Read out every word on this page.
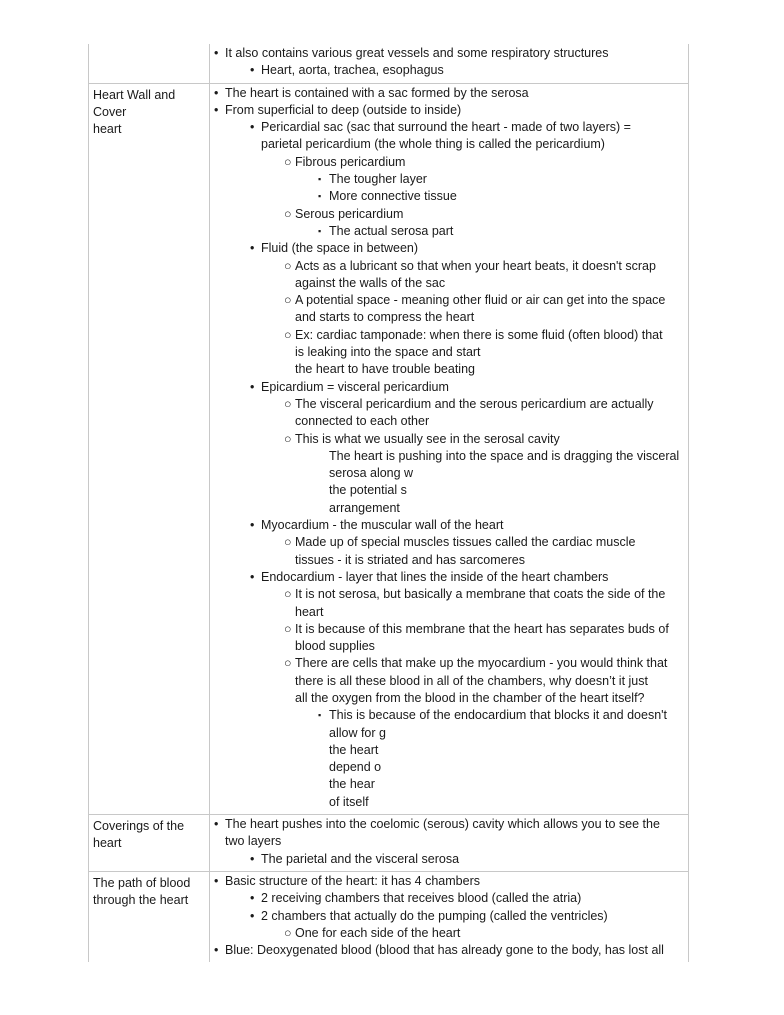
• It also contains various great vessels and some respiratory structures
• Heart, aorta, trachea, esophagus
Heart Wall and
Cover
heart
• The heart is contained with a sac formed by the serosa
• From superficial to deep (outside to inside)
• Pericardial sac (sac that surround the heart - made of two layers) =
parietal pericardium (the whole thing is called the pericardium)
○ Fibrous pericardium
▪ The tougher layer
▪ More connective tissue
○ Serous pericardium
▪ The actual serosa part
• Fluid (the space in between)
○ Acts as a lubricant so that when your heart beats, it doesn't scrap
against the walls of the sac
○ A potential space - meaning other fluid or air can get into the space
and starts to compress the heart
○ Ex: cardiac tamponade: when there is some fluid (often blood) that
is leaking into the space and start
the heart to have trouble beating
• Epicardium = visceral pericardium
○ The visceral pericardium and the serous pericardium are actually
connected to each other
○ This is what we usually see in the serosal cavity
The heart is pushing into the space and is dragging the visceral
serosa along w
the potential s
arrangement
• Myocardium - the muscular wall of the heart
○ Made up of special muscles tissues called the cardiac muscle
tissues - it is striated and has sarcomeres
• Endocardium - layer that lines the inside of the heart chambers
○ It is not serosa, but basically a membrane that coats the side of the
heart
○ It is because of this membrane that the heart has separates buds of
blood supplies
○ There are cells that make up the myocardium - you would think that
there is all these blood in all of the chambers, why doesn’t it just
all the oxygen from the blood in the chamber of the heart itself?
▪ This is because of the endocardium that blocks it and doesn't
allow for g
the heart
depend o
the hear
of itself
Coverings of the
heart
• The heart pushes into the coelomic (serous) cavity which allows you to see the
two layers
• The parietal and the visceral serosa
The path of blood
through the heart
• Basic structure of the heart: it has 4 chambers
• 2 receiving chambers that receives blood (called the atria)
• 2 chambers that actually do the pumping (called the ventricles)
○ One for each side of the heart
• Blue: Deoxygenated blood (blood that has already gone to the body, has lost all
